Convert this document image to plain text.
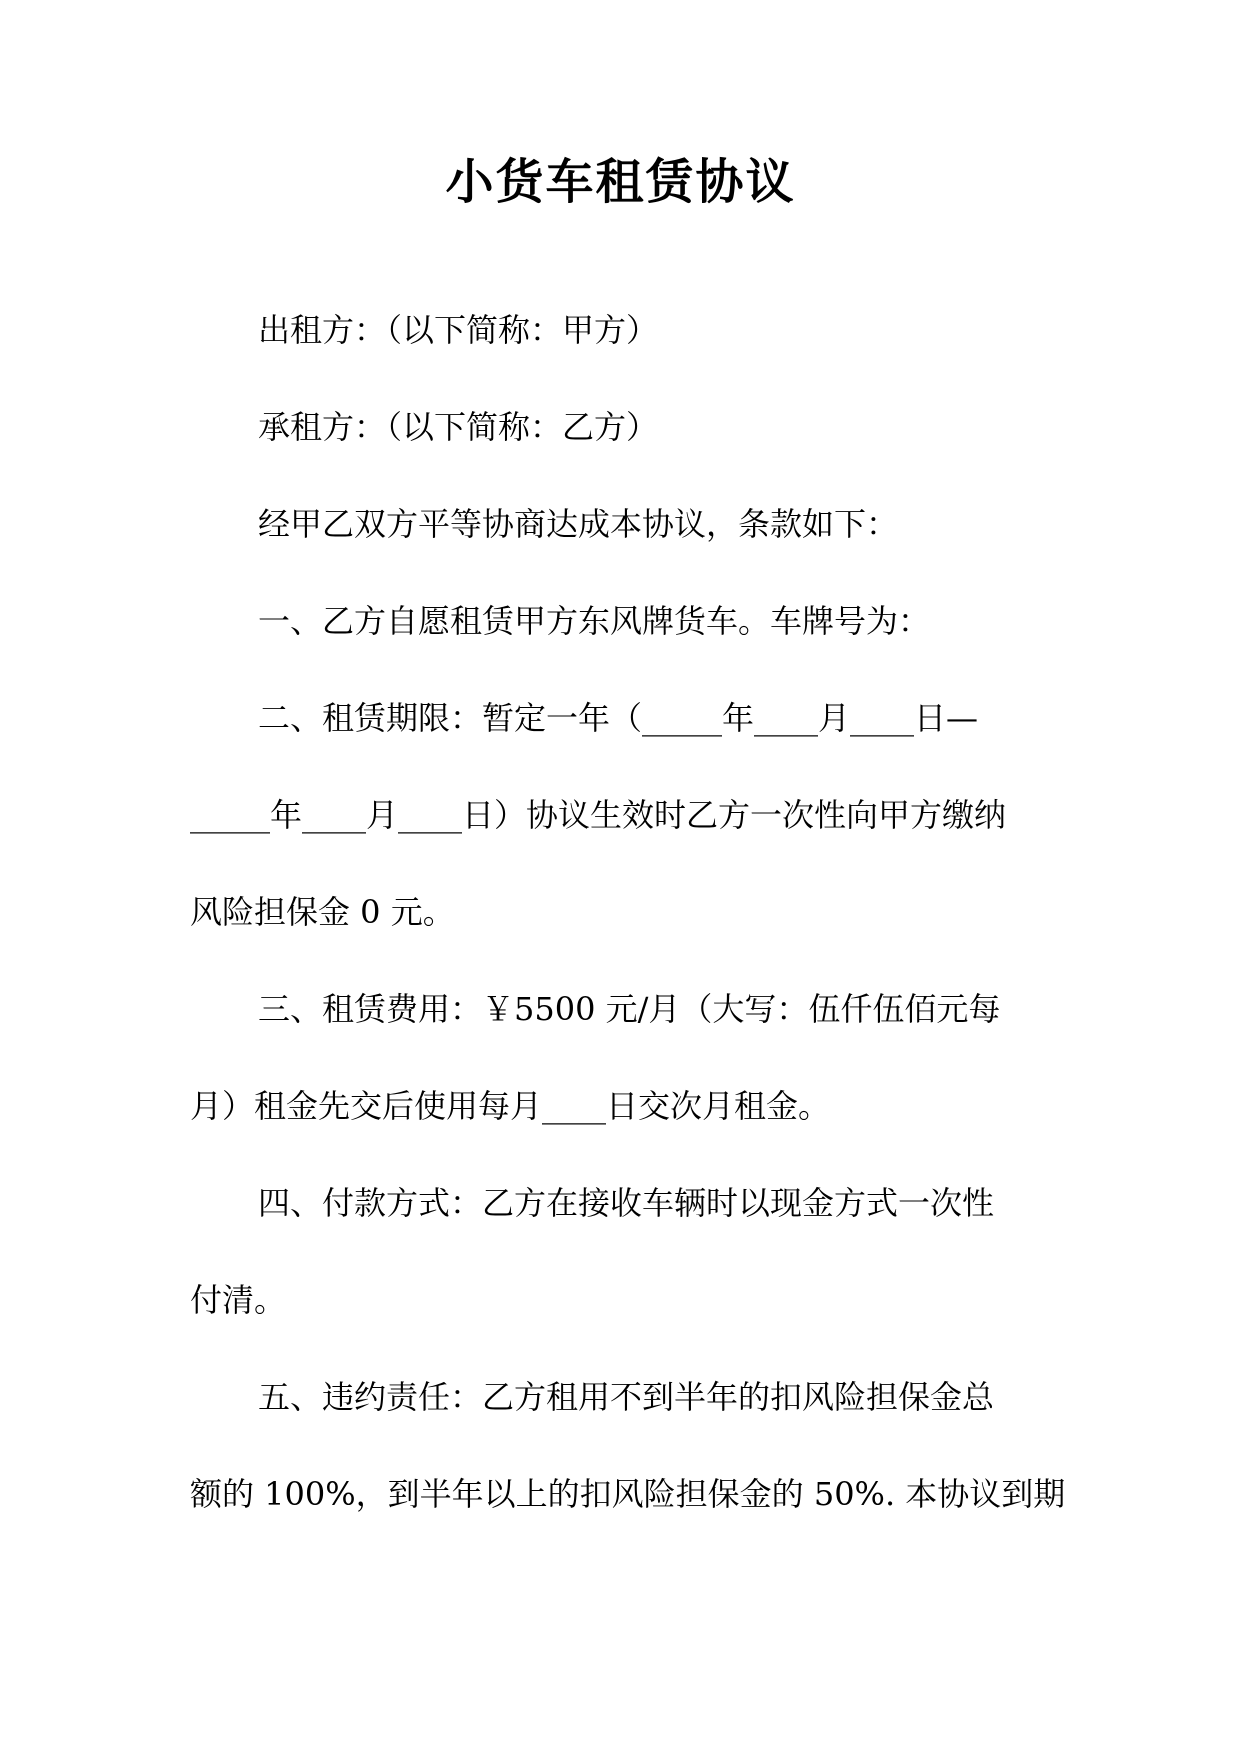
小货车租赁协议
出租方：（以下简称：甲方）
承租方：（以下简称：乙方）
经甲乙双方平等协商达成本协议，条款如下：
一、乙方自愿租赁甲方东风牌货车。车牌号为：
二、租赁期限：暂定一年（_____年____月____日—
_____年____月____日）协议生效时乙方一次性向甲方缴纳
风险担保金 0 元。
三、租赁费用：￥5500 元/月（大写：伍仟伍佰元每
月）租金先交后使用每月____日交次月租金。
四、付款方式：乙方在接收车辆时以现金方式一次性
付清。
五、违约责任：乙方租用不到半年的扣风险担保金总
额的 100%，到半年以上的扣风险担保金的 50%. 本协议到期
